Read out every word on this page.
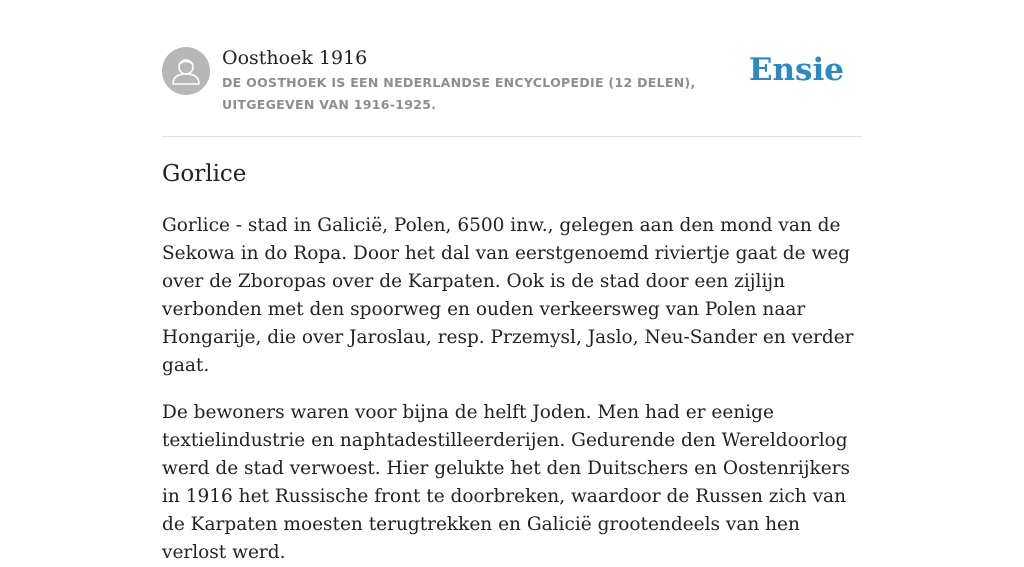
Oosthoek 1916
DE OOSTHOEK IS EEN NEDERLANDSE ENCYCLOPEDIE (12 DELEN), UITGEGEVEN VAN 1916-1925.
Ensie
Gorlice

Gorlice - stad in Galicië, Polen, 6500 inw., gelegen aan den mond van de Sekowa in do Ropa. Door het dal van eerstgenoemd riviertje gaat de weg over de Zboropas over de Karpaten. Ook is de stad door een zijlijn verbonden met den spoorweg en ouden verkeersweg van Polen naar Hongarije, die over Jaroslau, resp. Przemysl, Jaslo, Neu-Sander en verder gaat.

De bewoners waren voor bijna de helft Joden. Men had er eenige textielindustrie en naphtadestilleerderijen. Gedurende den Wereldoorlog werd de stad verwoest. Hier gelukte het den Duitschers en Oostenrijkers in 1916 het Russische front te doorbreken, waardoor de Russen zich van de Karpaten moesten terugtrekken en Galicië grootendeels van hen verlost werd.
